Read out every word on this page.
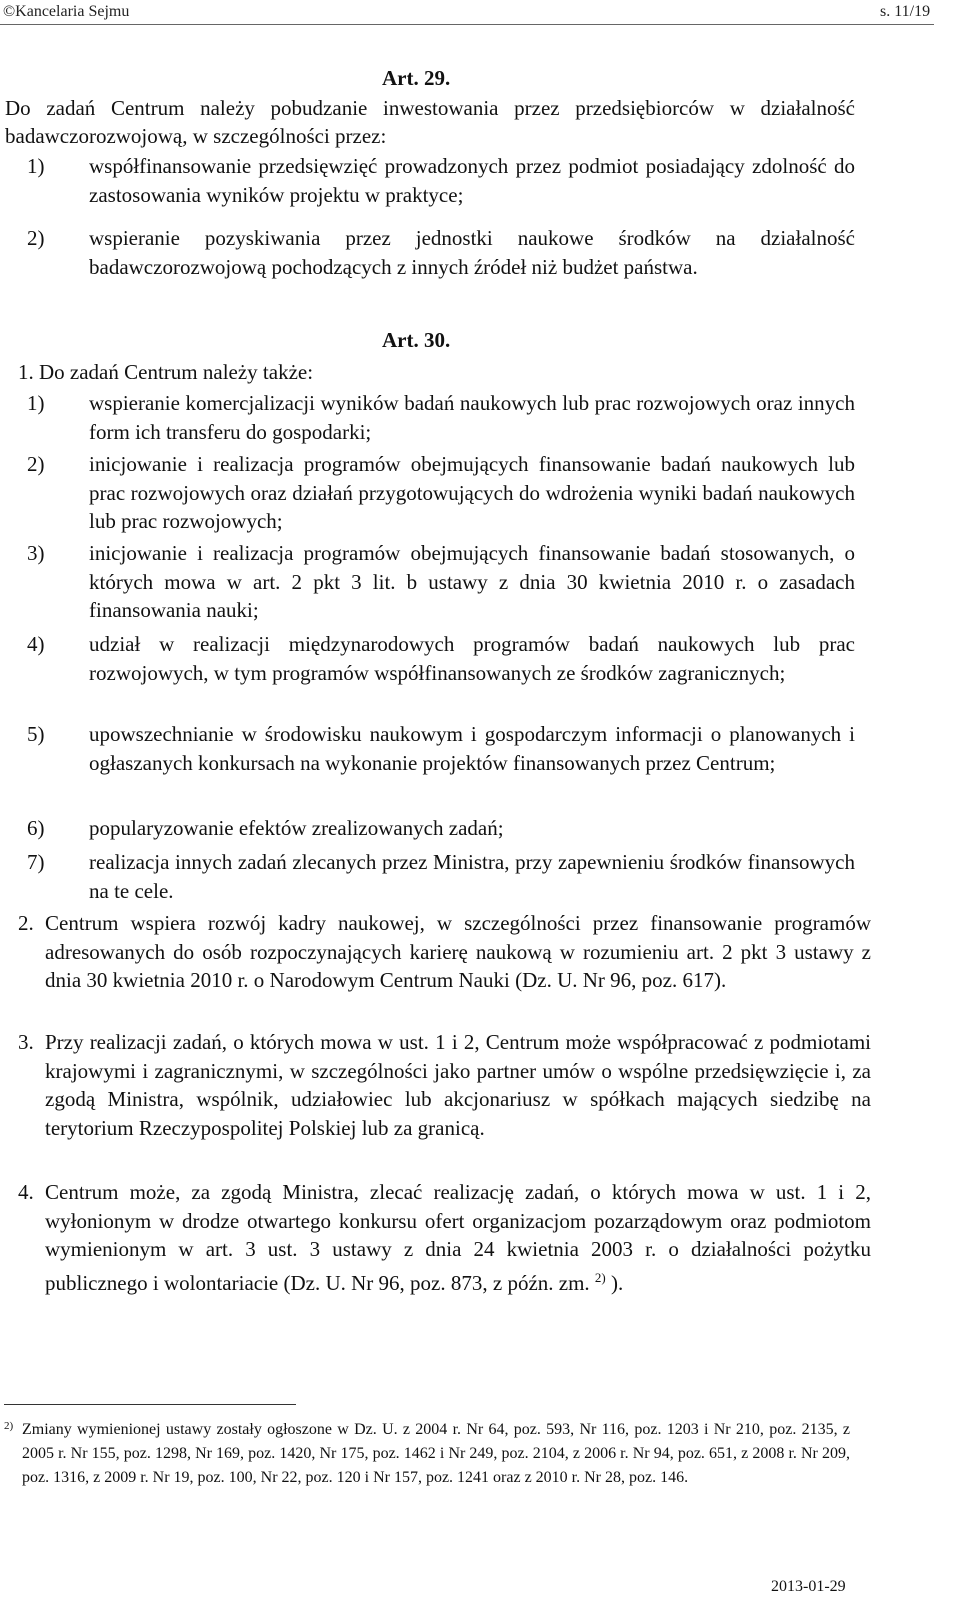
©Kancelaria Sejmu	s. 11/19
Art. 29.
Do zadań Centrum należy pobudzanie inwestowania przez przedsiębiorców w działalność badawczorozwojową, w szczególności przez:
1) współfinansowanie przedsięwzięć prowadzonych przez podmiot posiadający zdolność do zastosowania wyników projektu w praktyce;
2) wspieranie pozyskiwania przez jednostki naukowe środków na działalność badawczorozwojową pochodzących z innych źródeł niż budżet państwa.
Art. 30.
1. Do zadań Centrum należy także:
1) wspieranie komercjalizacji wyników badań naukowych lub prac rozwojowych oraz innych form ich transferu do gospodarki;
2) inicjowanie i realizacja programów obejmujących finansowanie badań naukowych lub prac rozwojowych oraz działań przygotowujących do wdrożenia wyniki badań naukowych lub prac rozwojowych;
3) inicjowanie i realizacja programów obejmujących finansowanie badań stosowanych, o których mowa w art. 2 pkt 3 lit. b ustawy z dnia 30 kwietnia 2010 r. o zasadach finansowania nauki;
4) udział w realizacji międzynarodowych programów badań naukowych lub prac rozwojowych, w tym programów współfinansowanych ze środków zagranicznych;
5) upowszechnianie w środowisku naukowym i gospodarczym informacji o planowanych i ogłaszanych konkursach na wykonanie projektów finansowanych przez Centrum;
6) popularyzowanie efektów zrealizowanych zadań;
7) realizacja innych zadań zlecanych przez Ministra, przy zapewnieniu środków finansowych na te cele.
2. Centrum wspiera rozwój kadry naukowej, w szczególności przez finansowanie programów adresowanych do osób rozpoczynających karierę naukową w rozumieniu art. 2 pkt 3 ustawy z dnia 30 kwietnia 2010 r. o Narodowym Centrum Nauki (Dz. U. Nr 96, poz. 617).
3. Przy realizacji zadań, o których mowa w ust. 1 i 2, Centrum może współpracować z podmiotami krajowymi i zagranicznymi, w szczególności jako partner umów o wspólne przedsięwzięcie i, za zgodą Ministra, wspólnik, udziałowiec lub akcjonariusz w spółkach mających siedzibę na terytorium Rzeczypospolitej Polskiej lub za granicą.
4. Centrum może, za zgodą Ministra, zlecać realizację zadań, o których mowa w ust. 1 i 2, wyłonionym w drodze otwartego konkursu ofert organizacjom pozarządowym oraz podmiotom wymienionym w art. 3 ust. 3 ustawy z dnia 24 kwietnia 2003 r. o działalności pożytku publicznego i wolontariacie (Dz. U. Nr 96, poz. 873, z późn. zm. $^{2)}$ ).
2) Zmiany wymienionej ustawy zostały ogłoszone w Dz. U. z 2004 r. Nr 64, poz. 593, Nr 116, poz. 1203 i Nr 210, poz. 2135, z 2005 r. Nr 155, poz. 1298, Nr 169, poz. 1420, Nr 175, poz. 1462 i Nr 249, poz. 2104, z 2006 r. Nr 94, poz. 651, z 2008 r. Nr 209, poz. 1316, z 2009 r. Nr 19, poz. 100, Nr 22, poz. 120 i Nr 157, poz. 1241 oraz z 2010 r. Nr 28, poz. 146.
2013-01-29
